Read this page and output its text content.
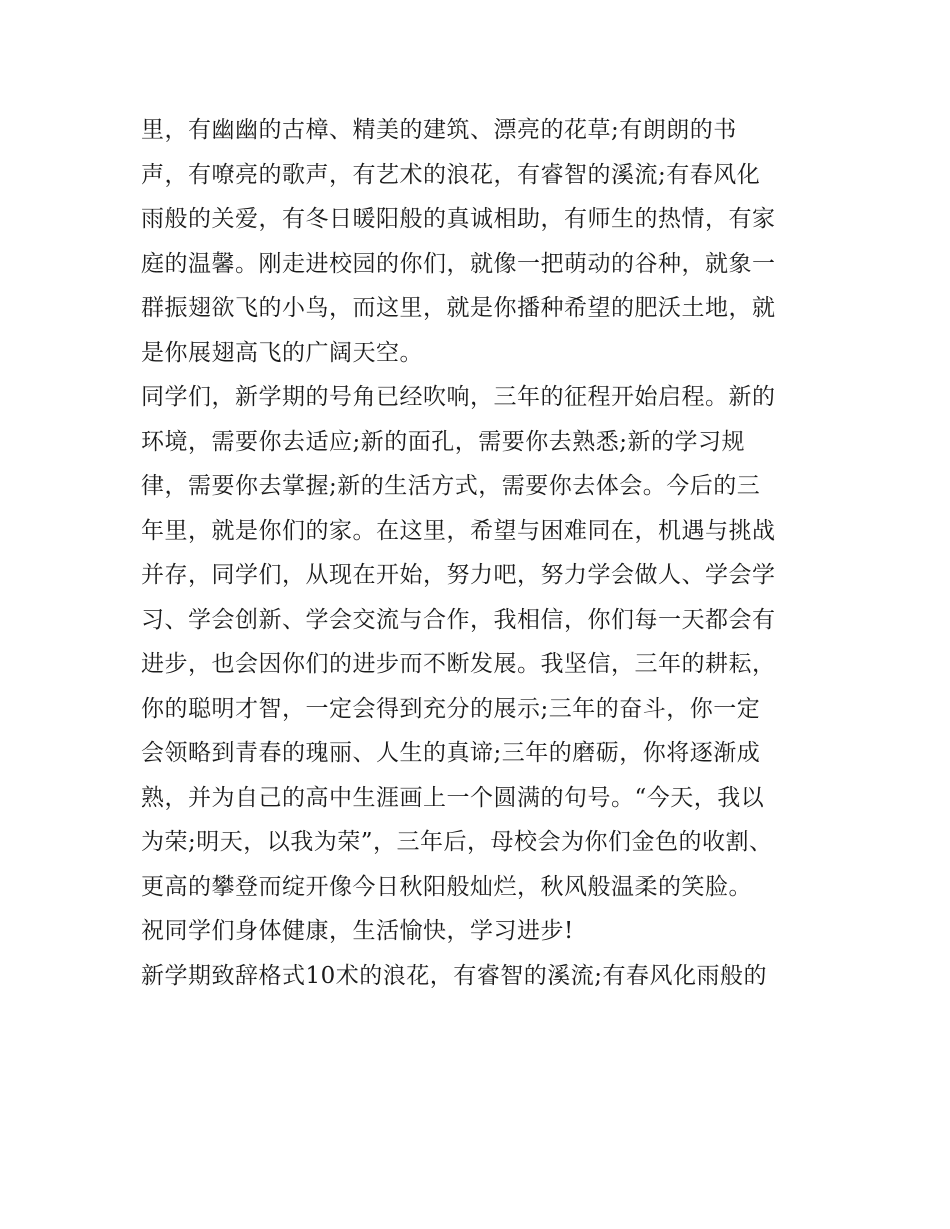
里，有幽幽的古樟、精美的建筑、漂亮的花草;有朗朗的书
声，有嘹亮的歌声，有艺术的浪花，有睿智的溪流;有春风化
雨般的关爱，有冬日暖阳般的真诚相助，有师生的热情，有家
庭的温馨。刚走进校园的你们，就像一把萌动的谷种，就象一
群振翅欲飞的小鸟，而这里，就是你播种希望的肥沃土地，就
是你展翅高飞的广阔天空。
同学们，新学期的号角已经吹响，三年的征程开始启程。新的
环境，需要你去适应;新的面孔，需要你去熟悉;新的学习规
律，需要你去掌握;新的生活方式，需要你去体会。今后的三
年里，就是你们的家。在这里，希望与困难同在，机遇与挑战
并存，同学们，从现在开始，努力吧，努力学会做人、学会学
习、学会创新、学会交流与合作，我相信，你们每一天都会有
进步，也会因你们的进步而不断发展。我坚信，三年的耕耘，
你的聪明才智，一定会得到充分的展示;三年的奋斗，你一定
会领略到青春的瑰丽、人生的真谛;三年的磨砺，你将逐渐成
熟，并为自己的高中生涯画上一个圆满的句号。“今天，我以
为荣;明天，以我为荣”，三年后，母校会为你们金色的收割、
更高的攀登而绽开像今日秋阳般灿烂，秋风般温柔的笑脸。
祝同学们身体健康，生活愉快，学习进步!
新学期致辞格式10术的浪花，有睿智的溪流;有春风化雨般的
